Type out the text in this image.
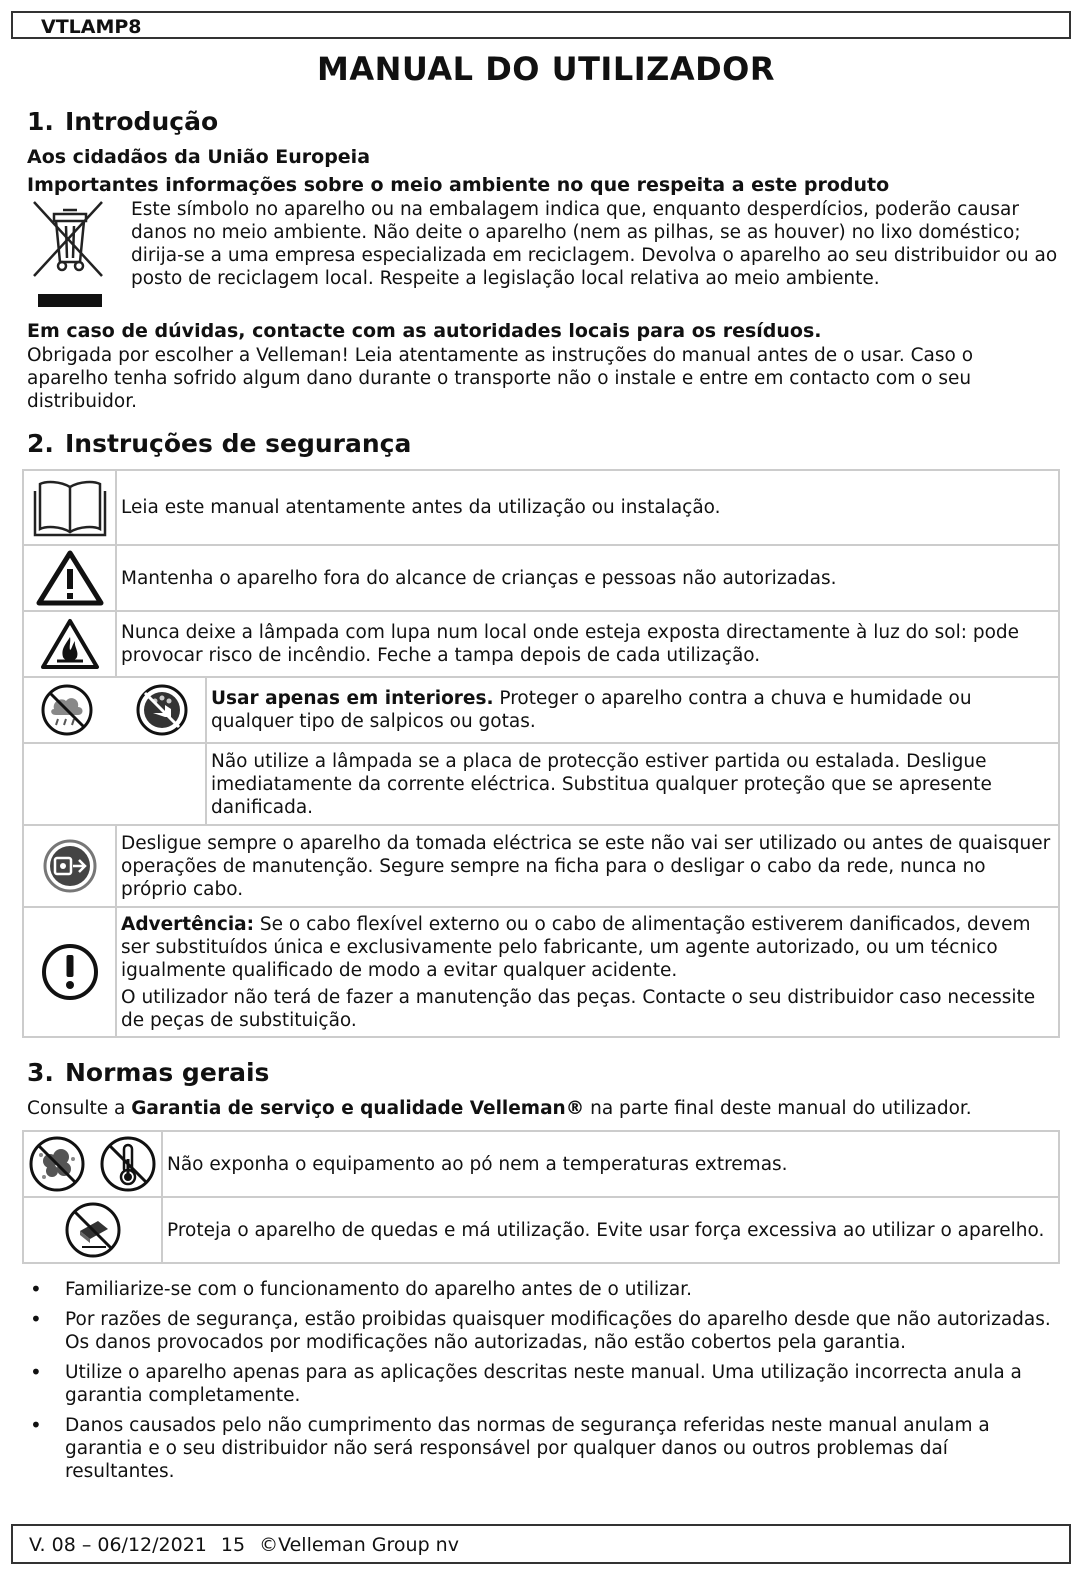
VTLAMP8
MANUAL DO UTILIZADOR
1. Introdução
Aos cidadãos da União Europeia
Importantes informações sobre o meio ambiente no que respeita a este produto

Este símbolo no aparelho ou na embalagem indica que, enquanto desperdícios, poderão causar danos no meio ambiente. Não deite o aparelho (nem as pilhas, se as houver) no lixo doméstico; dirija-se a uma empresa especializada em reciclagem. Devolva o aparelho ao seu distribuidor ou ao posto de reciclagem local. Respeite a legislação local relativa ao meio ambiente.

Em caso de dúvidas, contacte com as autoridades locais para os resíduos.

Obrigada por escolher a Velleman! Leia atentamente as instruções do manual antes de o usar. Caso o aparelho tenha sofrido algum dano durante o transporte não o instale e entre em contacto com o seu distribuidor.

2. Instruções de segurança
	Leia este manual atentamente antes da utilização ou instalação.	

	Mantenha o aparelho fora do alcance de crianças e pessoas não autorizadas.	

	Nunca deixe a lâmpada com lupa num local onde esteja exposta directamente à luz do sol: pode provocar risco de incêndio. Feche a tampa depois de cada utilização.	

	Usar apenas em interiores. Proteger o aparelho contra a chuva e humidade ou qualquer tipo de salpicos ou gotas.
		Não utilize a lâmpada se a placa de protecção estiver partida ou estalada. Desligue imediatamente da corrente eléctrica. Substitua qualquer proteção que se apresente danificada.

	Desligue sempre o aparelho da tomada eléctrica se este não vai ser utilizado ou antes de quaisquer operações de manutenção. Segure sempre na ficha para o desligar o cabo da rede, nunca no próprio cabo.	

Advertência: Se o cabo flexível externo ou o cabo de alimentação estiverem danificados, devem ser substituídos única e exclusivamente pelo fabricante, um agente autorizado, ou um técnico igualmente qualificado de modo a evitar qualquer acidente.
O utilizador não terá de fazer a manutenção das peças. Contacte o seu distribuidor caso necessite de peças de substituição.	
3. Normas gerais

Consulte a Garantia de serviço e qualidade Velleman® na parte final deste manual do utilizador.

	Não exponha o equipamento ao pó nem a temperaturas extremas.

	Proteja o aparelho de quedas e má utilização. Evite usar força excessiva ao utilizar o aparelho.
• Familiarize-se com o funcionamento do aparelho antes de o utilizar.
• Por razões de segurança, estão proibidas quaisquer modificações do aparelho desde que não autorizadas. Os danos provocados por modificações não autorizadas, não estão cobertos pela garantia.
• Utilize o aparelho apenas para as aplicações descritas neste manual. Uma utilização incorrecta anula a garantia completamente.
• Danos causados pelo não cumprimento das normas de segurança referidas neste manual anulam a garantia e o seu distribuidor não será responsável por qualquer danos ou outros problemas daí resultantes.
V. 08 – 06/12/2021 15 ©Velleman Group nv
